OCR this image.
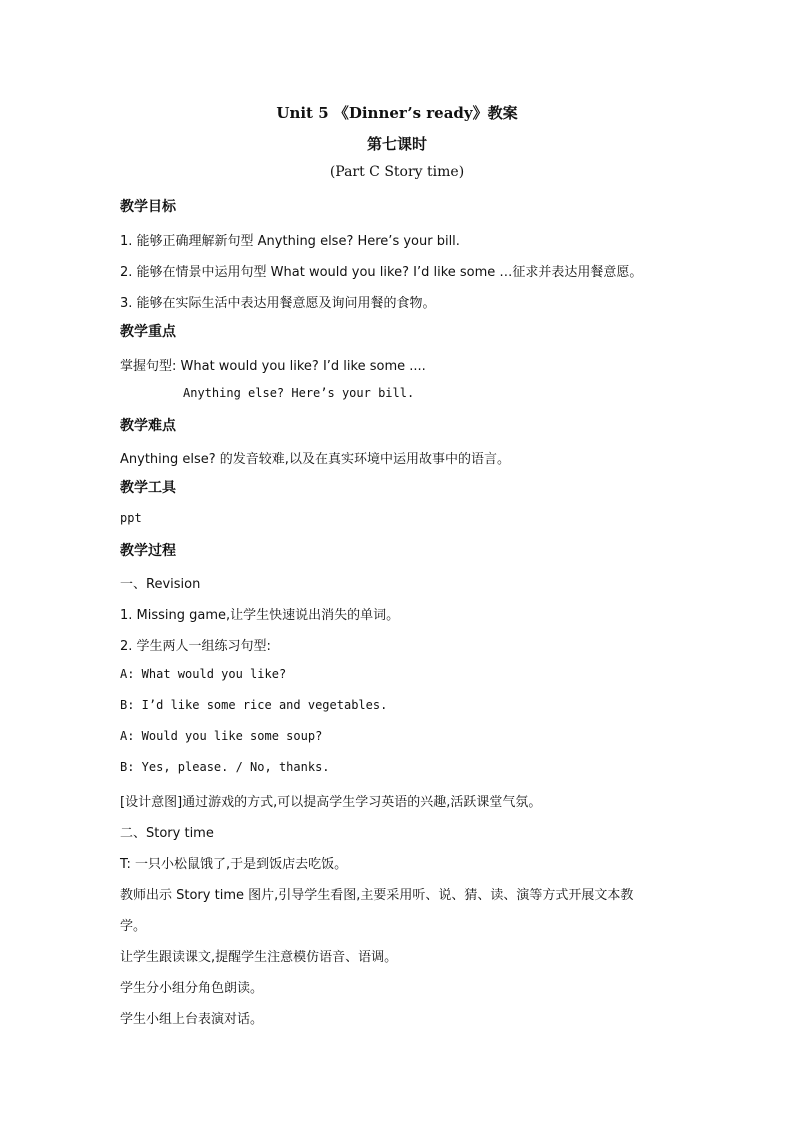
Unit 5 《Dinner’s ready》教案
第七课时
(Part C Story time)
教学目标
1. 能够正确理解新句型 Anything else? Here’s your bill.
2. 能够在情景中运用句型 What would you like? I’d like some …征求并表达用餐意愿。
3. 能够在实际生活中表达用餐意愿及询问用餐的食物。
教学重点
掌握句型: What would you like? I’d like some ....
Anything else? Here’s your bill.
教学难点
Anything else? 的发音较难,以及在真实环境中运用故事中的语言。
教学工具
ppt
教学过程
一、Revision
1. Missing game,让学生快速说出消失的单词。
2. 学生两人一组练习句型:
A: What would you like?
B: I’d like some rice and vegetables.
A: Would you like some soup?
B: Yes, please. / No, thanks.
[设计意图]通过游戏的方式,可以提高学生学习英语的兴趣,活跃课堂气氛。
二、Story time
T: 一只小松鼠饿了,于是到饭店去吃饭。
教师出示 Story time 图片,引导学生看图,主要采用听、说、猜、读、演等方式开展文本教
学。
让学生跟读课文,提醒学生注意模仿语音、语调。
学生分小组分角色朗读。
学生小组上台表演对话。
